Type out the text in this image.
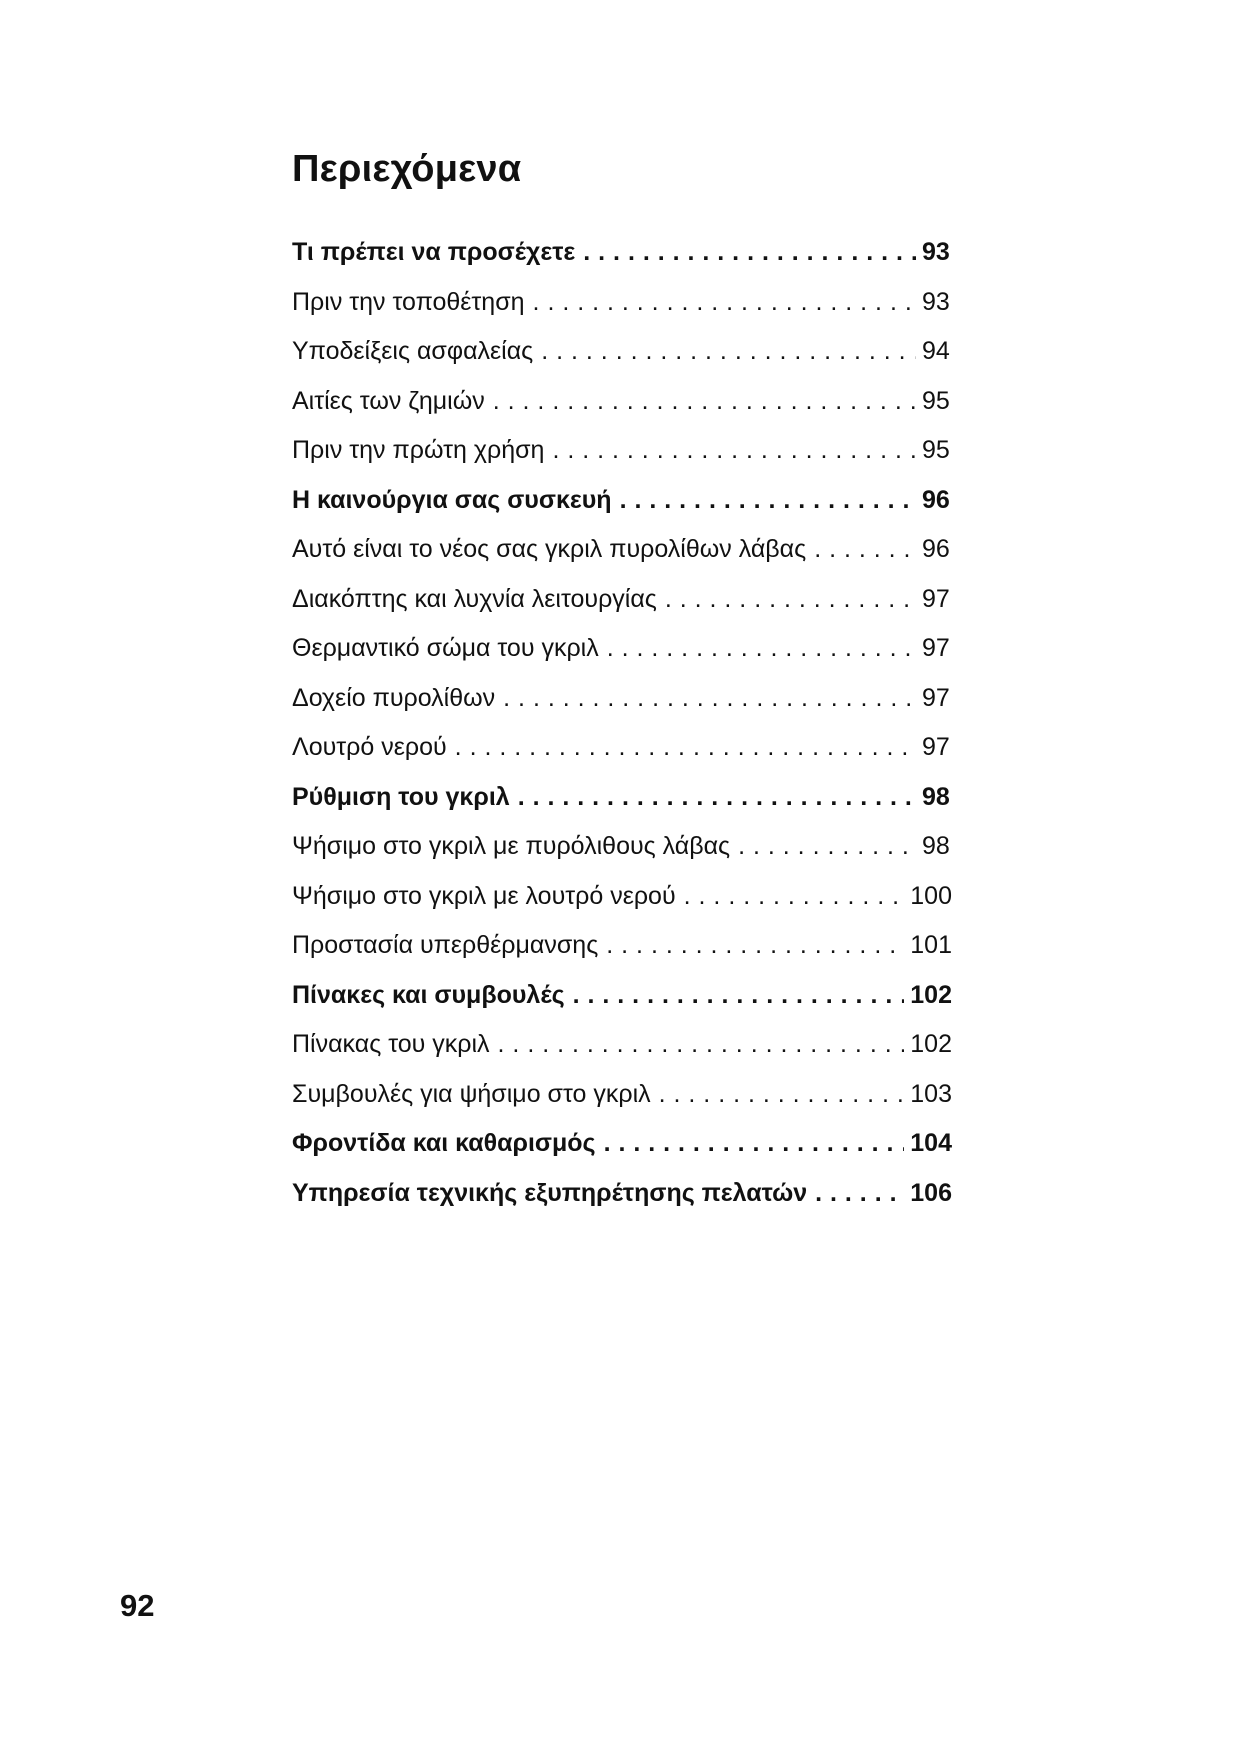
Περιεχόμενα
Τι πρέπει να προσέχετε . . .	93
Πριν την τοποθέτηση . . .	93
Υποδείξεις ασφαλείας . . .	94
Αιτίες των ζημιών . . .	95
Πριν την πρώτη χρήση . . .	95
Η καινούργια σας συσκευή . . .	96
Αυτό είναι το νέος σας γκριλ πυρολίθων λάβας . . .	96
Διακόπτης και λυχνία λειτουργίας . . .	97
Θερμαντικό σώμα του γκριλ . . .	97
Δοχείο πυρολίθων . . .	97
Λουτρό νερού . . .	97
Ρύθμιση του γκριλ . . .	98
Ψήσιμο στο γκριλ με πυρόλιθους λάβας . . .	98
Ψήσιμο στο γκριλ με λουτρό νερού . . .	100
Προστασία υπερθέρμανσης . . .	101
Πίνακες και συμβουλές . . .	102
Πίνακας του γκριλ . . .	102
Συμβουλές για ψήσιμο στο γκριλ . . .	103
Φροντίδα και καθαρισμός . . .	104
Υπηρεσία τεχνικής εξυπηρέτησης πελατών . . .	106

92
